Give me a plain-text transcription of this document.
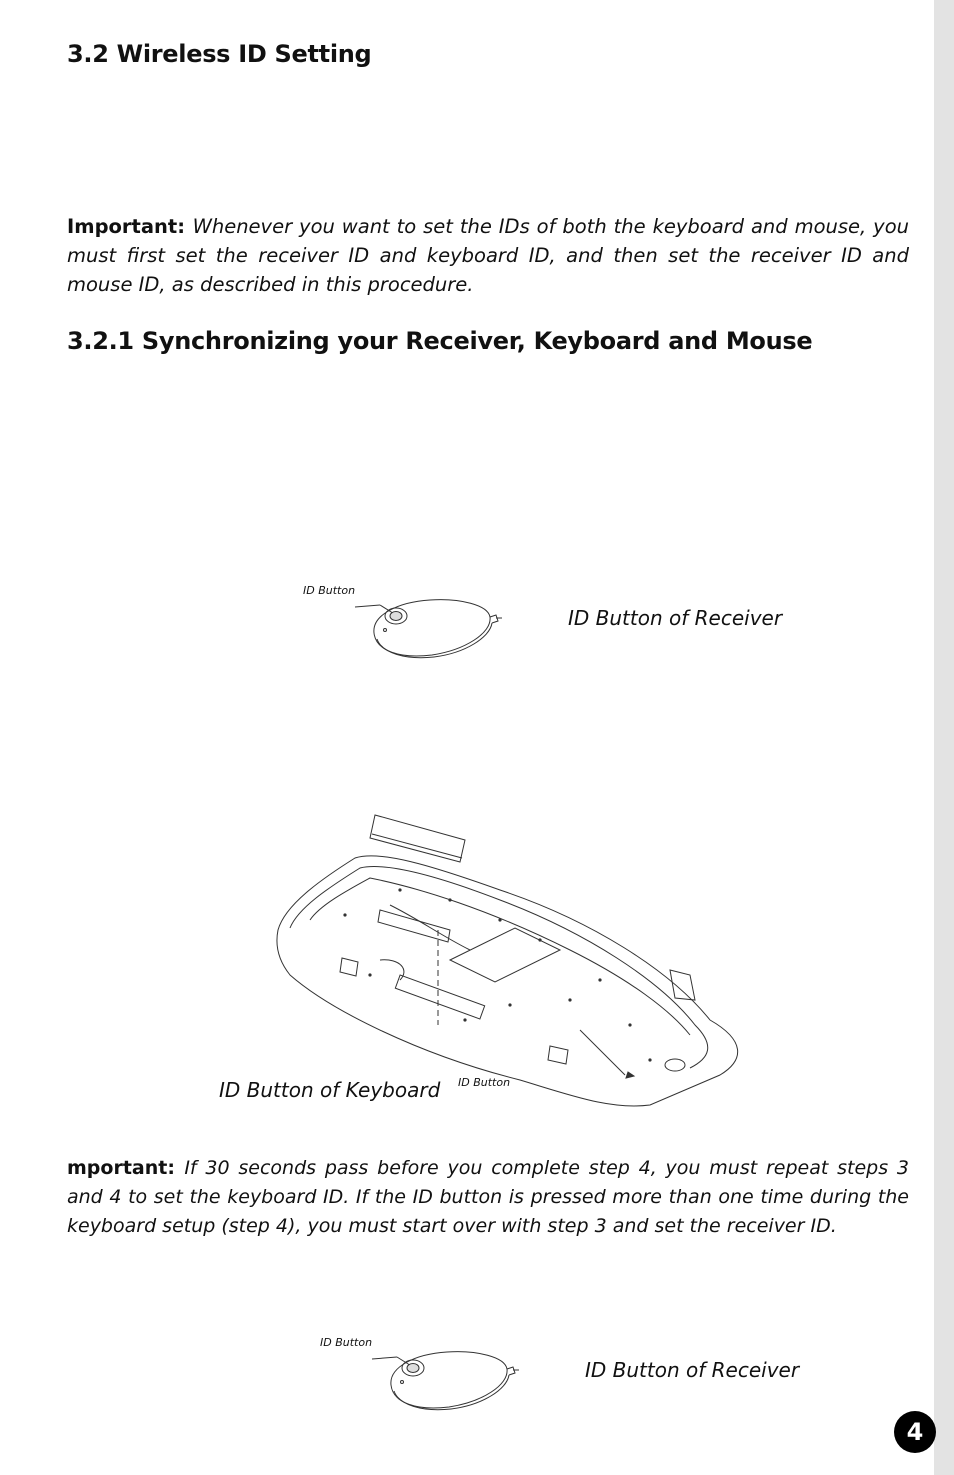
3.2 Wireless ID Setting

Important: Whenever you want to set the IDs of both the keyboard and mouse, you must first set the receiver ID and keyboard ID, and then set the receiver ID and mouse ID, as described in this procedure.

3.2.1 Synchronizing your Receiver, Keyboard and Mouse
ID Button
ID Button of Receiver
ID Button of Keyboard ID Button

mportant: If 30 seconds pass before you complete step 4, you must repeat steps 3 and 4 to set the keyboard ID. If the ID button is pressed more than one time during the keyboard setup (step 4), you must start over with step 3 and set the receiver ID.

ID Button
ID Button of Receiver
4
